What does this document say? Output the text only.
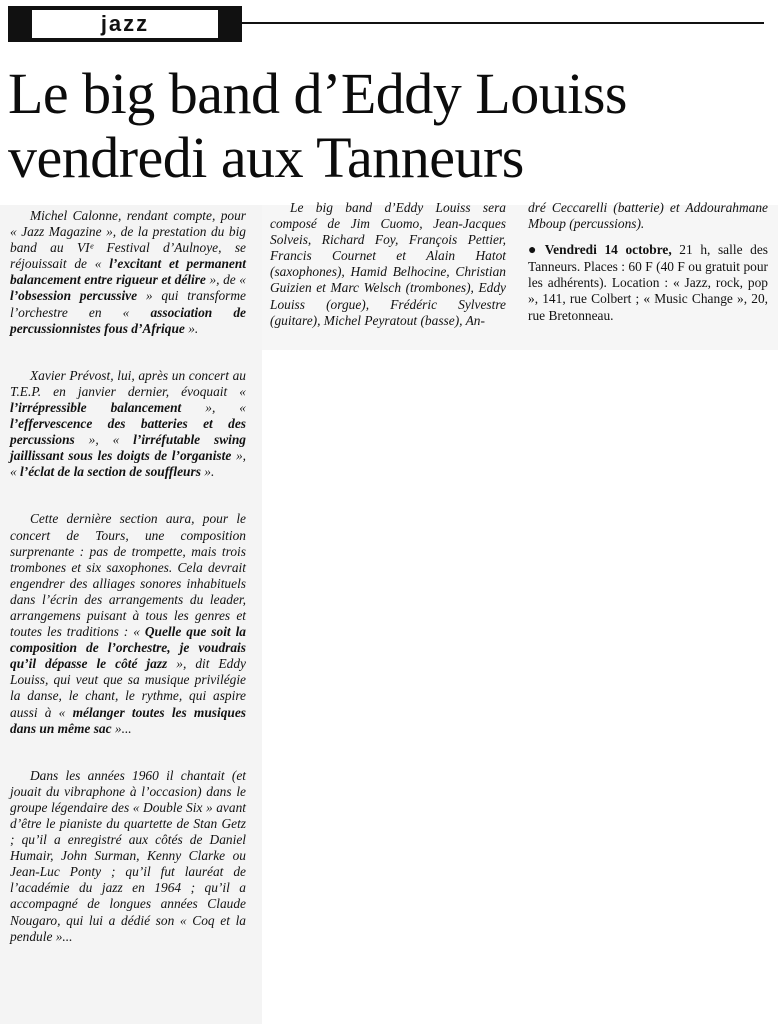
jazz
Le big band d’Eddy Louiss
vendredi aux Tanneurs

Michel Calonne, rendant compte, pour « Jazz Magazine », de la prestation du big band au VIᵉ Festival d’Aulnoye, se réjouissait de « l’excitant et permanent balancement entre rigueur et délire », de « l’obsession percussive » qui transforme l’orchestre en « association de percussionnistes fous d’Afrique ».

Xavier Prévost, lui, après un concert au T.E.P. en janvier dernier, évoquait « l’irrépressible balancement », « l’effervescence des batteries et des percussions », « l’irréfutable swing jaillissant sous les doigts de l’organiste », « l’éclat de la section de souffleurs ».

Cette dernière section aura, pour le concert de Tours, une composition surprenante : pas de trompette, mais trois trombones et six saxophones. Cela devrait engendrer des alliages sonores inhabituels dans l’écrin des arrangements du leader, arrangemens puisant à tous les genres et toutes les traditions : « Quelle que soit la composition de l’orchestre, je voudrais qu’il dépasse le côté jazz », dit Eddy Louiss, qui veut que sa musique privilégie la danse, le chant, le rythme, qui aspire aussi à « mélanger toutes les musiques dans un même sac »...

Dans les années 1960 il chantait (et jouait du vibraphone à l’occasion) dans le groupe légendaire des « Double Six » avant d’être le pianiste du quartette de Stan Getz ; qu’il a enregistré aux côtés de Daniel Humair, John Surman, Kenny Clarke ou Jean-Luc Ponty ; qu’il fut lauréat de l’académie du jazz en 1964 ; qu’il a accompagné de longues années Claude Nougaro, qui lui a dédié son « Coq et la pendule »...

Le big band d’Eddy Louiss sera composé de Jim Cuomo, Jean-Jacques Solveis, Richard Foy, François Pettier, Francis Cournet et Alain Hatot (saxophones), Hamid Belhocine, Christian Guizien et Marc Welsch (trombones), Eddy Louiss (orgue), Frédéric Sylvestre (guitare), Michel Peyratout (basse), An-

dré Ceccarelli (batterie) et Addourahmane Mboup (percussions).

● Vendredi 14 octobre, 21 h, salle des Tanneurs. Places : 60 F (40 F ou gratuit pour les adhérents). Location : « Jazz, rock, pop », 141, rue Colbert ; « Music Change », 20, rue Bretonneau.
